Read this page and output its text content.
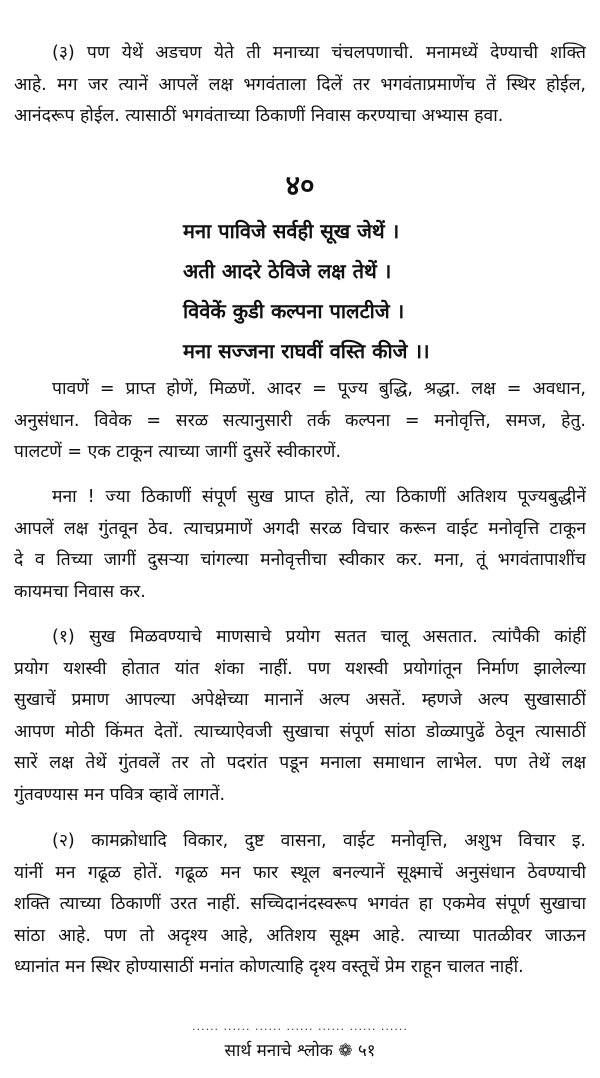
(३) पण येथें अडचण येते ती मनाच्या चंचलपणाची. मनामध्यें देण्याची शक्ति
आहे. मग जर त्यानें आपलें लक्ष भगवंताला दिलें तर भगवंताप्रमाणेंच तें स्थिर होईल,
आनंदरूप होईल. त्यासाठीं भगवंताच्या ठिकाणीं निवास करण्याचा अभ्यास हवा.
४०
मना पाविजे सर्वही सूख जेथें ।
अती आदरे ठेविजे लक्ष तेथें ।
विवेकें कुडी कल्पना पालटीजे ।
मना सज्जना राघवीं वस्ति कीजे ।।
पावणें = प्राप्त होणें, मिळणें. आदर = पूज्य बुद्धि, श्रद्धा. लक्ष = अवधान,
अनुसंधान. विवेक = सरळ सत्यानुसारी तर्क कल्पना = मनोवृत्ति, समज, हेतु.
पालटणें = एक टाकून त्याच्या जागीं दुसरें स्वीकारणें.
मना ! ज्या ठिकाणीं संपूर्ण सुख प्राप्त होतें, त्या ठिकाणीं अतिशय पूज्यबुद्धीनें
आपलें लक्ष गुंतवून ठेव. त्याचप्रमाणें अगदी सरळ विचार करून वाईट मनोवृत्ति टाकून
दे व तिच्या जागीं दुसऱ्या चांगल्या मनोवृत्तीचा स्वीकार कर. मना, तूं भगवंतापाशींच
कायमचा निवास कर.
(१) सुख मिळवण्याचे माणसाचे प्रयोग सतत चालू असतात. त्यांपैकी कांहीं
प्रयोग यशस्वी होतात यांत शंका नाहीं. पण यशस्वी प्रयोगांतून निर्माण झालेल्या
सुखाचें प्रमाण आपल्या अपेक्षेच्या मानानें अल्प असतें. म्हणजे अल्प सुखासाठीं
आपण मोठी किंमत देतों. त्याच्याऐवजी सुखाचा संपूर्ण सांठा डोळ्यापुढें ठेवून त्यासाठीं
सारें लक्ष तेथें गुंतवलें तर तो पदरांत पडून मनाला समाधान लाभेल. पण तेथें लक्ष
गुंतवण्यास मन पवित्र व्हावें लागतें.
(२) कामक्रोधादि विकार, दुष्ट वासना, वाईट मनोवृत्ति, अशुभ विचार इ.
यांनीं मन गढूळ होतें. गढूळ मन फार स्थूल बनल्यानें सूक्ष्माचें अनुसंधान ठेवण्याची
शक्ति त्याच्या ठिकाणीं उरत नाहीं. सच्चिदानंदस्वरूप भगवंत हा एकमेव संपूर्ण सुखाचा
सांठा आहे. पण तो अदृश्य आहे, अतिशय सूक्ष्म आहे. त्याच्या पातळीवर जाऊन
ध्यानांत मन स्थिर होण्यासाठीं मनांत कोणत्याहि दृश्य वस्तूचें प्रेम राहून चालत नाहीं.
...... ...... ...... ...... ...... ...... ......
सार्थ मनाचे श्लोक ❁ ५१
